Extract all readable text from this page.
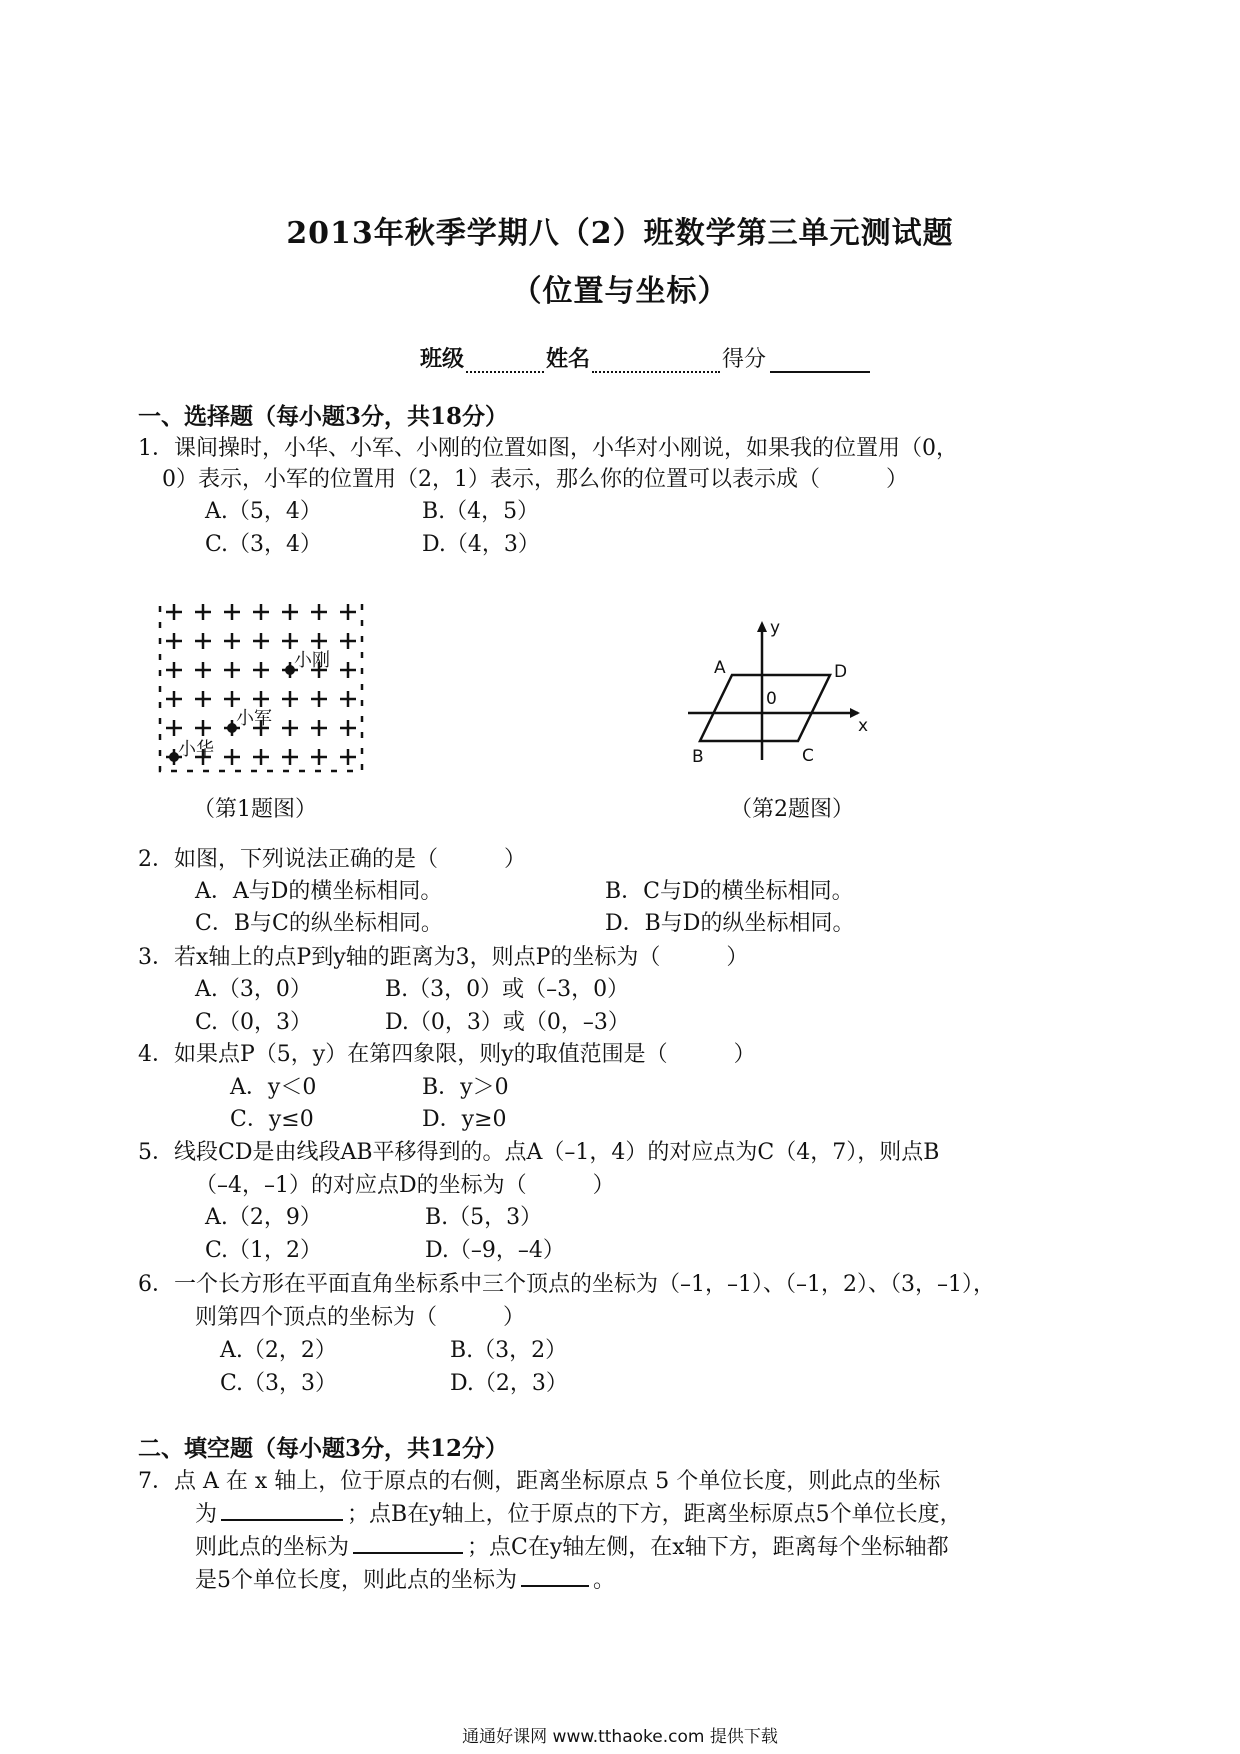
2013年秋季学期八（2）班数学第三单元测试题
（位置与坐标）
班级	姓名	得分
一、选择题（每小题3分，共18分）
1．课间操时，小华、小军、小刚的位置如图，小华对小刚说，如果我的位置用（0，
0）表示，小军的位置用（2，1）表示，那么你的位置可以表示成（　　　）
A.（5，4）	B.（4，5）
C.（3，4）	D.（4，3）
小华
小军
小刚
（第1题图）
A	D
B	C
0
x
y
（第2题图）
2．如图，下列说法正确的是（　　　）
A．A与D的横坐标相同。	B．C与D的横坐标相同。
C．B与C的纵坐标相同。	D．B与D的纵坐标相同。
3．若x轴上的点P到y轴的距离为3，则点P的坐标为（　　　）
A.（3，0）	B.（3，0）或（–3，0）
C.（0，3）	D.（0，3）或（0，–3）
4．如果点P（5，y）在第四象限，则y的取值范围是（　　　）
A．y＜0	B．y＞0
C．y≤0	D．y≥0
5．线段CD是由线段AB平移得到的。点A（–1，4）的对应点为C（4，7），则点B
（–4，–1）的对应点D的坐标为（　　　）
A.（2，9）	B.（5，3）
C.（1，2）	D.（–9，–4）
6．一个长方形在平面直角坐标系中三个顶点的坐标为（–1，–1）、（–1，2）、（3，–1），
则第四个顶点的坐标为（　　　）
A.（2，2）	B.（3，2）
C.（3，3）	D.（2，3）
二、填空题（每小题3分，共12分）
7．点 A 在 x 轴上，位于原点的右侧，距离坐标原点 5 个单位长度，则此点的坐标
为	；点B在y轴上，位于原点的下方，距离坐标原点5个单位长度，
则此点的坐标为	；点C在y轴左侧，在x轴下方，距离每个坐标轴都
是5个单位长度，则此点的坐标为	。
通通好课网 www.tthaoke.com 提供下载
